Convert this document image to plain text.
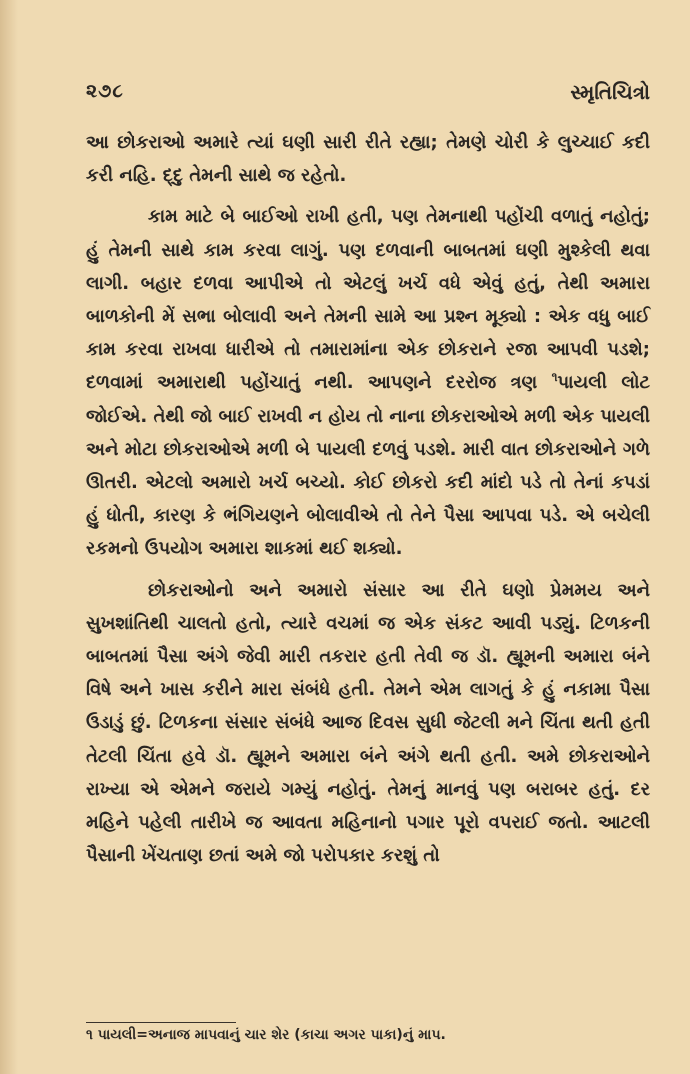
૨૭૮	સ્મૃતિચિત્રો

આ છોકરાઓ અમારે ત્યાં ઘણી સારી રીતે રહ્યા; તેમણે ચોરી કે લુચ્ચાઈ કદી કરી નહિ. દ્દુ તેમની સાથે જ રહેતો.

કામ માટે બે બાઈઓ રાખી હતી, પણ તેમનાથી પહોંચી વળાતું નહોતું; હું તેમની સાથે કામ કરવા લાગું. પણ દળવાની બાબતમાં ઘણી મુશ્કેલી થવા લાગી. બહાર દળવા આપીએ તો એટલું ખર્ચ વધે એવું હતું, તેથી અમારા બાળકોની મેં સભા બોલાવી અને તેમની સામે આ પ્રશ્ન મૂક્યો : એક વધુ બાઈ કામ કરવા રાખવા ધારીએ તો તમારામાંના એક છોકરાને રજા આપવી પડશે; દળવામાં અમારાથી પહોંચાતું નથી. આપણને દરરોજ ત્રણ $^૧$પાયલી લોટ જોઈએ. તેથી જો બાઈ રાખવી ન હોય તો નાના છોકરાઓએ મળી એક પાયલી અને મોટા છોકરાઓએ મળી બે પાયલી દળવું પડશે. મારી વાત છોકરાઓને ગળે ઊતરી. એટલો અમારો ખર્ચ બચ્યો. કોઈ છોકરો કદી માંદો પડે તો તેનાં કપડાં હું ધોતી, કારણ કે ભંગિયણને બોલાવીએ તો તેને પૈસા આપવા પડે. એ બચેલી રકમનો ઉપયોગ અમારા શાકમાં થઈ શક્યો.

છોકરાઓનો અને અમારો સંસાર આ રીતે ઘણો પ્રેમમય અને સુખશાંતિથી ચાલતો હતો, ત્યારે વચમાં જ એક સંકટ આવી પડ્યું. ટિળકની બાબતમાં પૈસા અંગે જેવી મારી તકરાર હતી તેવી જ ડૉ. હ્યૂમની અમારા બંને વિષે અને ખાસ કરીને મારા સંબંધે હતી. તેમને એમ લાગતું કે હું નકામા પૈસા ઉડાડું છું. ટિળકના સંસાર સંબંધે આજ દિવસ સુધી જેટલી મને ચિંતા થતી હતી તેટલી ચિંતા હવે ડૉ. હ્યૂમને અમારા બંને અંગે થતી હતી. અમે છોકરાઓને રાખ્યા એ એમને જરાયે ગમ્યું નહોતું. તેમનું માનવું પણ બરાબર હતું. દર મહિને પહેલી તારીખે જ આવતા મહિનાનો પગાર પૂરો વપરાઈ જતો. આટલી પૈસાની ખેંચતાણ છતાં અમે જો પરોપકાર કરશું તો

૧ પાયલી=અનાજ માપવાનું ચાર શેર (કાચા અગર પાકા)નું માપ.
